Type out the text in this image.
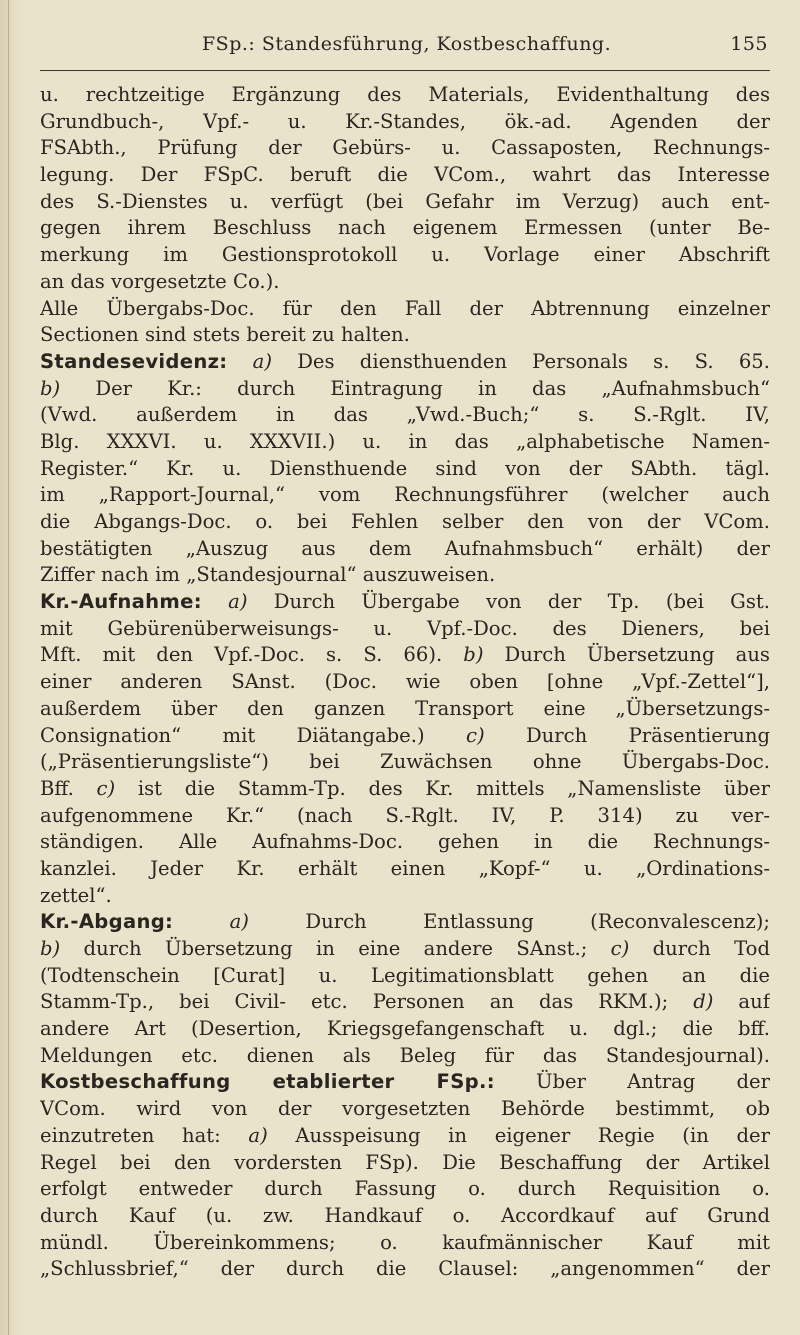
FSp.: Standesführung, Kostbeschaffung.	155
u. rechtzeitige Ergänzung des Materials, Evidenthaltung des
Grundbuch-, Vpf.- u. Kr.-Standes, ök.-ad. Agenden der
FSAbth., Prüfung der Gebürs- u. Cassaposten, Rechnungs-
legung. Der FSpC. beruft die VCom., wahrt das Interesse
des S.-Dienstes u. verfügt (bei Gefahr im Verzug) auch ent-
gegen ihrem Beschluss nach eigenem Ermessen (unter Be-
merkung im Gestionsprotokoll u. Vorlage einer Abschrift
an das vorgesetzte Co.).
Alle Übergabs-Doc. für den Fall der Abtrennung einzelner
Sectionen sind stets bereit zu halten.
Standesevidenz: a) Des diensthuenden Personals s. S. 65.
b) Der Kr.: durch Eintragung in das „Aufnahmsbuch“
(Vwd. außerdem in das „Vwd.-Buch;“ s. S.-Rglt. IV,
Blg. XXXVI. u. XXXVII.) u. in das „alphabetische Namen-
Register.“ Kr. u. Diensthuende sind von der SAbth. tägl.
im „Rapport-Journal,“ vom Rechnungsführer (welcher auch
die Abgangs-Doc. o. bei Fehlen selber den von der VCom.
bestätigten „Auszug aus dem Aufnahmsbuch“ erhält) der
Ziffer nach im „Standesjournal“ auszuweisen.
Kr.-Aufnahme: a) Durch Übergabe von der Tp. (bei Gst.
mit Gebürenüberweisungs- u. Vpf.-Doc. des Dieners, bei
Mft. mit den Vpf.-Doc. s. S. 66). b) Durch Übersetzung aus
einer anderen SAnst. (Doc. wie oben [ohne „Vpf.-Zettel“],
außerdem über den ganzen Transport eine „Übersetzungs-
Consignation“ mit Diätangabe.) c) Durch Präsentierung
(„Präsentierungsliste“) bei Zuwächsen ohne Übergabs-Doc.
Bff. c) ist die Stamm-Tp. des Kr. mittels „Namensliste über
aufgenommene Kr.“ (nach S.-Rglt. IV, P. 314) zu ver-
ständigen. Alle Aufnahms-Doc. gehen in die Rechnungs-
kanzlei. Jeder Kr. erhält einen „Kopf-“ u. „Ordinations-
zettel“.
Kr.-Abgang:	a) Durch Entlassung (Reconvalescenz);
b) durch Übersetzung in eine andere SAnst.; c) durch Tod
(Todtenschein [Curat] u. Legitimationsblatt gehen an die
Stamm-Tp., bei Civil- etc. Personen an das RKM.); d) auf
andere Art (Desertion, Kriegsgefangenschaft u. dgl.; die bff.
Meldungen etc. dienen als Beleg für das Standesjournal).
Kostbeschaffung etablierter FSp.: Über Antrag der
VCom. wird von der vorgesetzten Behörde bestimmt, ob
einzutreten hat: a) Ausspeisung in eigener Regie (in der
Regel bei den vordersten FSp). Die Beschaffung der Artikel
erfolgt entweder durch Fassung o. durch Requisition o.
durch Kauf (u. zw. Handkauf o. Accordkauf auf Grund
mündl. Übereinkommens; o. kaufmännischer Kauf mit
„Schlussbrief,“ der durch die Clausel: „angenommen“ der
